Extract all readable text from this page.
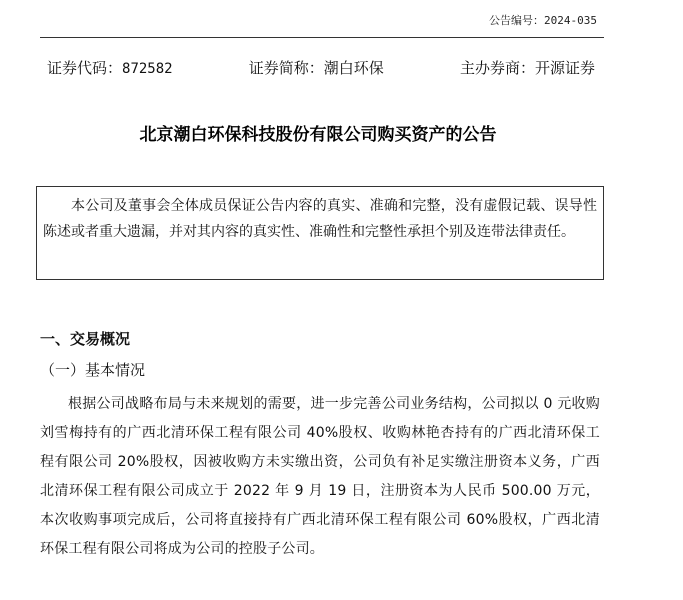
公告编号：2024-035
证券代码：872582	证券简称：潮白环保	主办券商：开源证券
北京潮白环保科技股份有限公司购买资产的公告
本公司及董事会全体成员保证公告内容的真实、准确和完整，没有虚假记载、误导性陈述或者重大遗漏，并对其内容的真实性、准确性和完整性承担个别及连带法律责任。
一、交易概况
（一）基本情况
根据公司战略布局与未来规划的需要，进一步完善公司业务结构，公司拟以 0 元收购刘雪梅持有的广西北清环保工程有限公司 40%股权、收购林艳杏持有的广西北清环保工程有限公司 20%股权，因被收购方未实缴出资，公司负有补足实缴注册资本义务，广西北清环保工程有限公司成立于 2022 年 9 月 19 日，注册资本为人民币 500.00 万元，本次收购事项完成后，公司将直接持有广西北清环保工程有限公司 60%股权，广西北清环保工程有限公司将成为公司的控股子公司。
